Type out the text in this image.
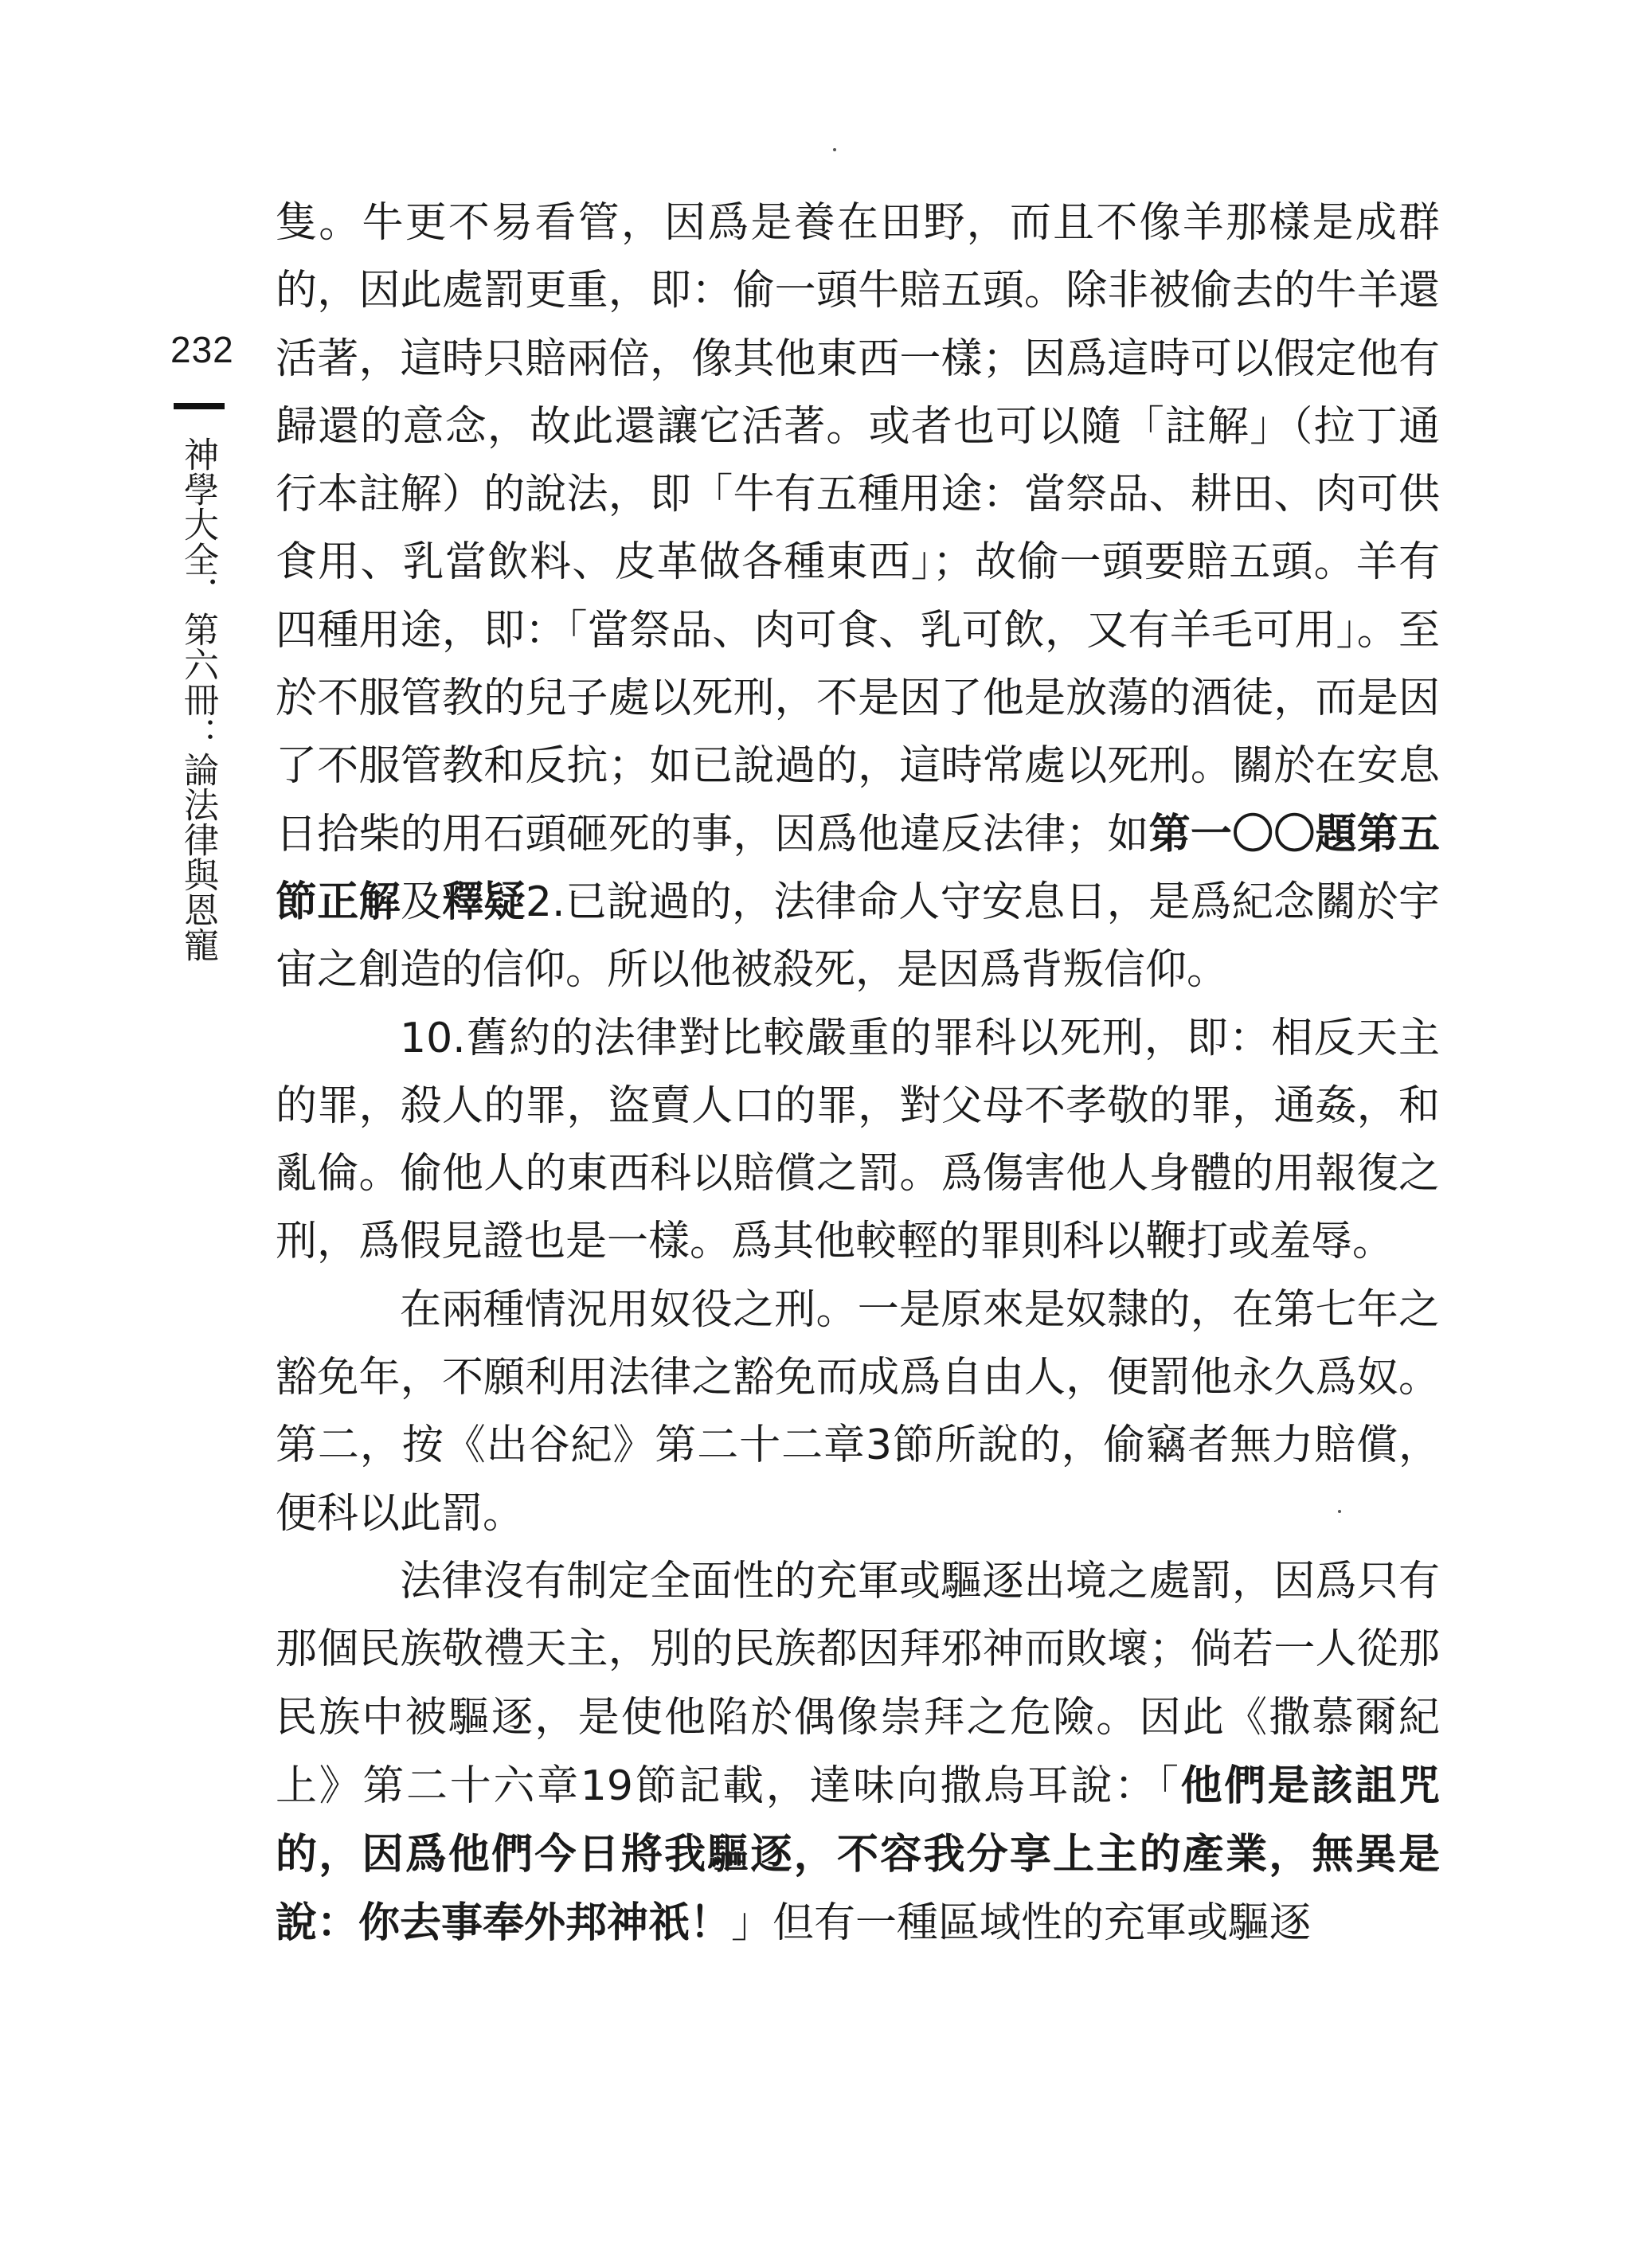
232
神學大全．第六冊：論法律與恩寵

隻。牛更不易看管，因爲是養在田野，而且不像羊那樣是成群的，因此處罰更重，即：偷一頭牛賠五頭。除非被偷去的牛羊還活著，這時只賠兩倍，像其他東西一樣；因爲這時可以假定他有歸還的意念，故此還讓它活著。或者也可以隨「註解」（拉丁通行本註解）的說法，即「牛有五種用途：當祭品、耕田、肉可供食用、乳當飲料、皮革做各種東西」；故偷一頭要賠五頭。羊有四種用途，即：「當祭品、肉可食、乳可飲，又有羊毛可用」。至於不服管教的兒子處以死刑，不是因了他是放蕩的酒徒，而是因了不服管教和反抗；如已說過的，這時常處以死刑。關於在安息日拾柴的用石頭砸死的事，因爲他違反法律；如第一〇〇題第五節正解及釋疑2.已說過的，法律命人守安息日，是爲紀念關於宇宙之創造的信仰。所以他被殺死，是因爲背叛信仰。

10.舊約的法律對比較嚴重的罪科以死刑，即：相反天主的罪，殺人的罪，盜賣人口的罪，對父母不孝敬的罪，通姦，和亂倫。偷他人的東西科以賠償之罰。爲傷害他人身體的用報復之刑，爲假見證也是一樣。爲其他較輕的罪則科以鞭打或羞辱。

在兩種情況用奴役之刑。一是原來是奴隸的，在第七年之豁免年，不願利用法律之豁免而成爲自由人，便罰他永久爲奴。第二，按《出谷紀》第二十二章3節所說的，偷竊者無力賠償，便科以此罰。

法律沒有制定全面性的充軍或驅逐出境之處罰，因爲只有那個民族敬禮天主，別的民族都因拜邪神而敗壞；倘若一人從那民族中被驅逐，是使他陷於偶像崇拜之危險。因此《撒慕爾紀上》第二十六章19節記載，達味向撒烏耳說：「他們是該詛咒的，因爲他們今日將我驅逐，不容我分享上主的產業，無異是說：你去事奉外邦神祇！」但有一種區域性的充軍或驅逐
